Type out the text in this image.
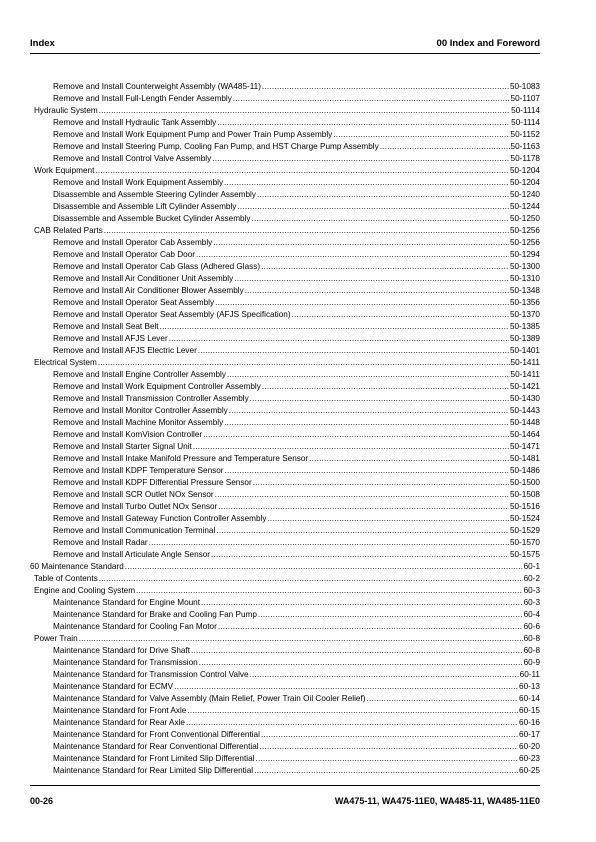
Index	00 Index and Foreword
Remove and Install Counterweight Assembly (WA485-11) .....	50-1083
Remove and Install Full-Length Fender Assembly .....	50-1107
Hydraulic System .....	50-1114
Remove and Install Hydraulic Tank Assembly .....	50-1114
Remove and Install Work Equipment Pump and Power Train Pump Assembly .....	50-1152
Remove and Install Steering Pump, Cooling Fan Pump, and HST Charge Pump Assembly .....	50-1163
Remove and Install Control Valve Assembly .....	50-1178
Work Equipment .....	50-1204
Remove and Install Work Equipment Assembly .....	50-1204
Disassemble and Assemble Steering Cylinder Assembly .....	50-1240
Disassemble and Assemble Lift Cylinder Assembly .....	50-1244
Disassemble and Assemble Bucket Cylinder Assembly .....	50-1250
CAB Related Parts .....	50-1256
Remove and Install Operator Cab Assembly .....	50-1256
Remove and Install Operator Cab Door .....	50-1294
Remove and Install Operator Cab Glass (Adhered Glass) .....	50-1300
Remove and Install Air Conditioner Unit Assembly .....	50-1310
Remove and Install Air Conditioner Blower Assembly .....	50-1348
Remove and Install Operator Seat Assembly .....	50-1356
Remove and Install Operator Seat Assembly (AFJS Specification) .....	50-1370
Remove and Install Seat Belt .....	50-1385
Remove and Install AFJS Lever .....	50-1389
Remove and Install AFJS Electric Lever .....	50-1401
Electrical System .....	50-1411
Remove and Install Engine Controller Assembly .....	50-1411
Remove and Install Work Equipment Controller Assembly .....	50-1421
Remove and Install Transmission Controller Assembly .....	50-1430
Remove and Install Monitor Controller Assembly .....	50-1443
Remove and Install Machine Monitor Assembly .....	50-1448
Remove and Install KomVision Controller .....	50-1464
Remove and Install Starter Signal Unit .....	50-1471
Remove and Install Intake Manifold Pressure and Temperature Sensor .....	50-1481
Remove and Install KDPF Temperature Sensor .....	50-1486
Remove and Install KDPF Differential Pressure Sensor .....	50-1500
Remove and Install SCR Outlet NOx Sensor .....	50-1508
Remove and Install Turbo Outlet NOx Sensor .....	50-1516
Remove and Install Gateway Function Controller Assembly .....	50-1524
Remove and Install Communication Terminal .....	50-1529
Remove and Install Radar .....	50-1570
Remove and Install Articulate Angle Sensor .....	50-1575
60 Maintenance Standard .....	60-1
Table of Contents .....	60-2
Engine and Cooling System .....	60-3
Maintenance Standard for Engine Mount .....	60-3
Maintenance Standard for Brake and Cooling Fan Pump .....	60-4
Maintenance Standard for Cooling Fan Motor .....	60-6
Power Train .....	60-8
Maintenance Standard for Drive Shaft .....	60-8
Maintenance Standard for Transmission .....	60-9
Maintenance Standard for Transmission Control Valve .....	60-11
Maintenance Standard for ECMV .....	60-13
Maintenance Standard for Valve Assembly (Main Relief, Power Train Oil Cooler Relief) .....	60-14
Maintenance Standard for Front Axle .....	60-15
Maintenance Standard for Rear Axle .....	60-16
Maintenance Standard for Front Conventional Differential .....	60-17
Maintenance Standard for Rear Conventional Differential .....	60-20
Maintenance Standard for Front Limited Slip Differential .....	60-23
Maintenance Standard for Rear Limited Slip Differential .....	60-25
00-26	WA475-11, WA475-11E0, WA485-11, WA485-11E0
